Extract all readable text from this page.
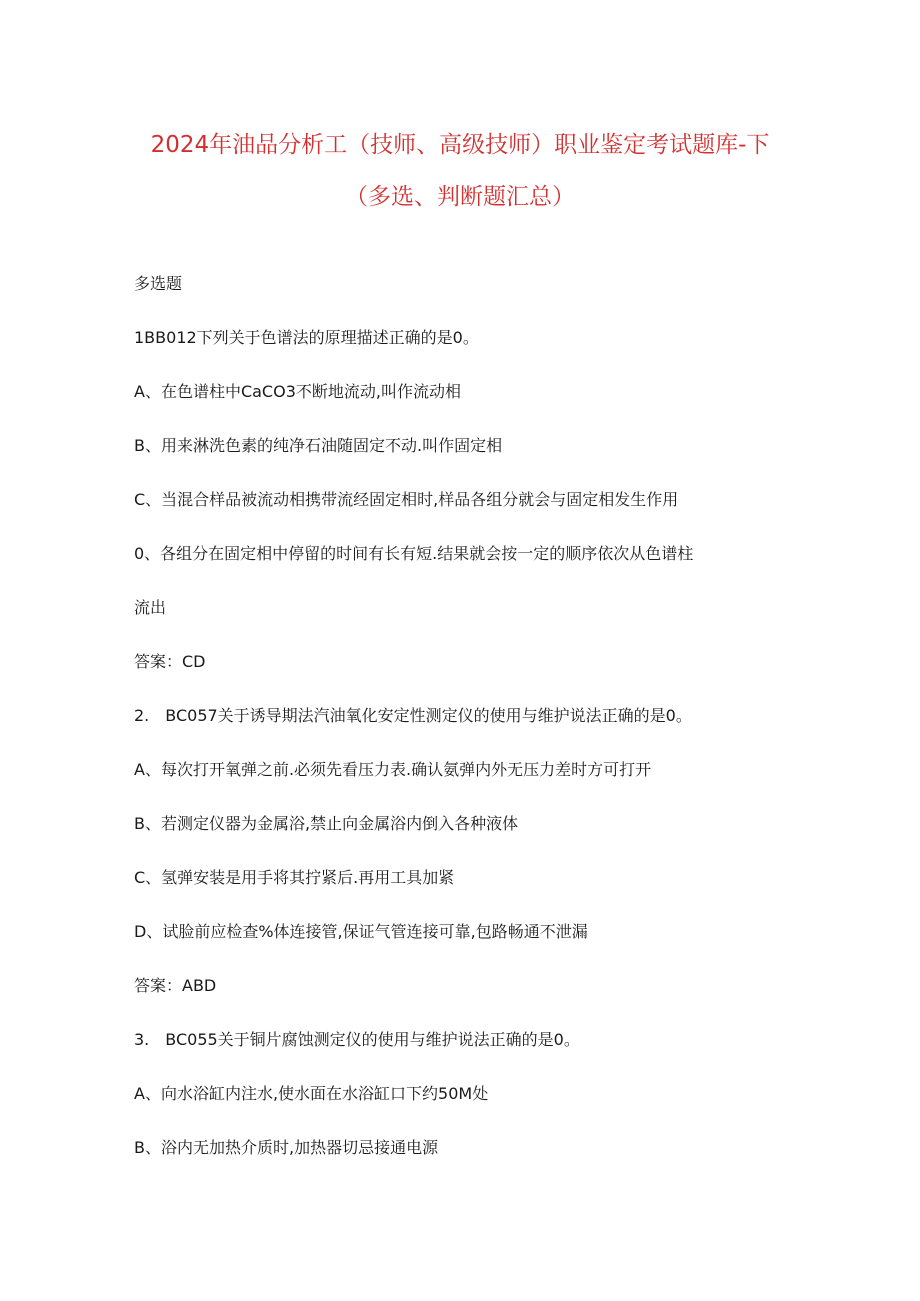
2024年油品分析工（技师、高级技师）职业鉴定考试题库-下
（多选、判断题汇总）
多选题
1BB012下列关于色谱法的原理描述正确的是0。
A、在色谱柱中CaCO3不断地流动,叫作流动相
B、用来淋洗色素的纯净石油随固定不动.叫作固定相
C、当混合样品被流动相携带流经固定相时,样品各组分就会与固定相发生作用
0、各组分在固定相中停留的时间有长有短.结果就会按一定的顺序依次从色谱柱
流出
答案：CD
2.　BC057关于诱导期法汽油氧化安定性测定仪的使用与维护说法正确的是0。
A、每次打开氧弹之前.必须先看压力表.确认氨弹内外无压力差时方可打开
B、若测定仪器为金属浴,禁止向金属浴内倒入各种液体
C、氢弹安装是用手将其拧紧后.再用工具加紧
D、试脸前应检查%体连接管,保证气管连接可靠,包路畅通不泄漏
答案：ABD
3.　BC055关于铜片腐蚀测定仪的使用与维护说法正确的是0。
A、向水浴缸内注水,使水面在水浴缸口下约50M处
B、浴内无加热介质时,加热器切忌接通电源
